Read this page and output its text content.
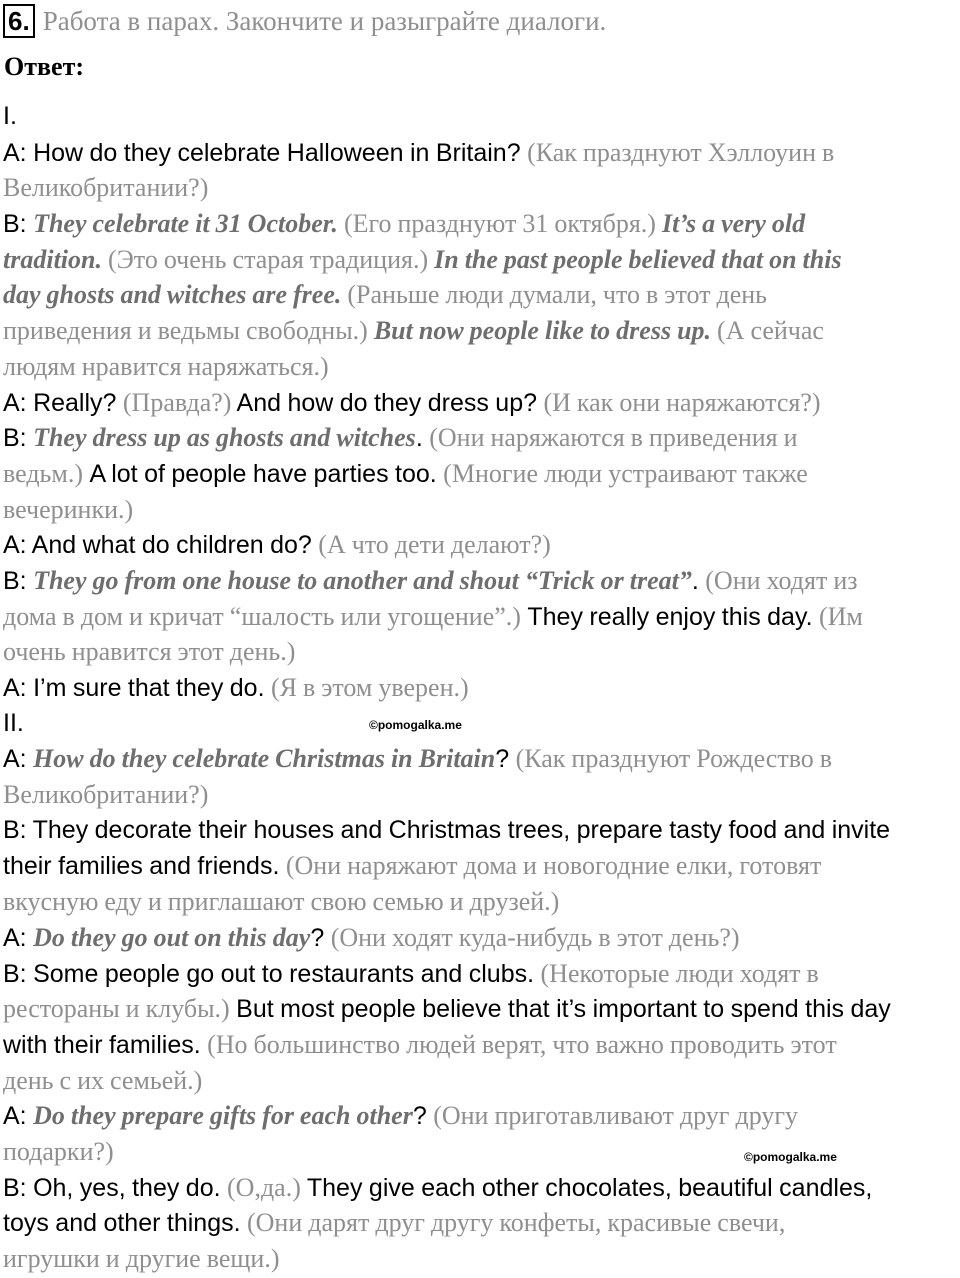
6. Работа в парах. Закончите и разыграйте диалоги.
Ответ:
I.
A: How do they celebrate Halloween in Britain? (Как празднуют Хэллоуин в
Великобритании?)
B: They celebrate it 31 October. (Его празднуют 31 октября.) It’s a very old
tradition. (Это очень старая традиция.) In the past people believed that on this
day ghosts and witches are free. (Раньше люди думали, что в этот день
приведения и ведьмы свободны.) But now people like to dress up. (А сейчас
людям нравится наряжаться.)
A: Really? (Правда?) And how do they dress up? (И как они наряжаются?)
B: They dress up as ghosts and witches. (Они наряжаются в приведения и
ведьм.) A lot of people have parties too. (Многие люди устраивают также
вечеринки.)
A: And what do children do? (А что дети делают?)
B: They go from one house to another and shout “Trick or treat”. (Они ходят из
дома в дом и кричат “шалость или угощение”.) They really enjoy this day. (Им
очень нравится этот день.)
A: I’m sure that they do. (Я в этом уверен.)
II.
A: How do they celebrate Christmas in Britain? (Как празднуют Рождество в
Великобритании?)
B: They decorate their houses and Christmas trees, prepare tasty food and invite
their families and friends. (Они наряжают дома и новогодние елки, готовят
вкусную еду и приглашают свою семью и друзей.)
A: Do they go out on this day? (Они ходят куда-нибудь в этот день?)
B: Some people go out to restaurants and clubs. (Некоторые люди ходят в
рестораны и клубы.) But most people believe that it’s important to spend this day
with their families. (Но большинство людей верят, что важно проводить этот
день с их семьей.)
A: Do they prepare gifts for each other? (Они приготавливают друг другу
подарки?)
B: Oh, yes, they do. (О,да.) They give each other chocolates, beautiful candles,
toys and other things. (Они дарят друг другу конфеты, красивые свечи,
игрушки и другие вещи.)
©pomogalka.me
©pomogalka.me
